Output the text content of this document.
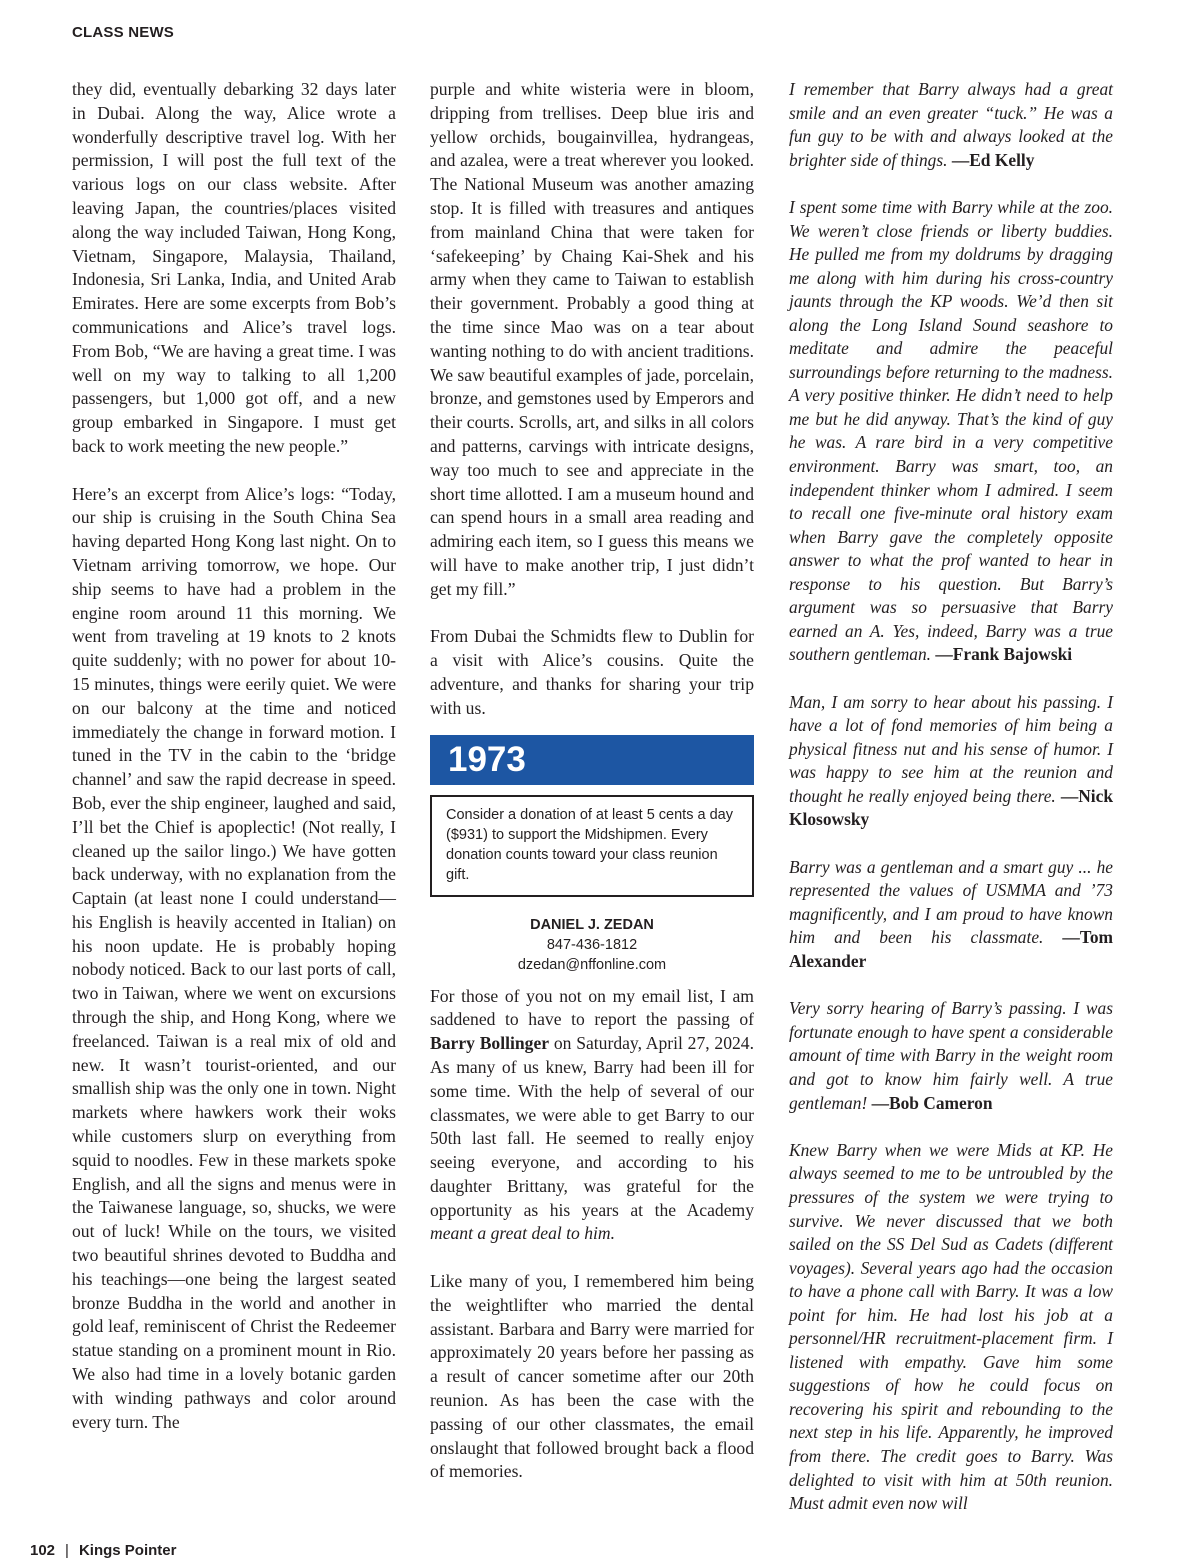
CLASS NEWS

they did, eventually debarking 32 days later in Dubai. Along the way, Alice wrote a wonderfully descriptive travel log. With her permission, I will post the full text of the various logs on our class website. After leaving Japan, the countries/places visited along the way included Taiwan, Hong Kong, Vietnam, Singapore, Malaysia, Thailand, Indonesia, Sri Lanka, India, and United Arab Emirates. Here are some excerpts from Bob’s communications and Alice’s travel logs. From Bob, “We are having a great time. I was well on my way to talking to all 1,200 passengers, but 1,000 got off, and a new group embarked in Singapore. I must get back to work meeting the new people.”

Here’s an excerpt from Alice’s logs: “Today, our ship is cruising in the South China Sea having departed Hong Kong last night. On to Vietnam arriving tomorrow, we hope. Our ship seems to have had a problem in the engine room around 11 this morning. We went from traveling at 19 knots to 2 knots quite suddenly; with no power for about 10-15 minutes, things were eerily quiet. We were on our balcony at the time and noticed immediately the change in forward motion. I tuned in the TV in the cabin to the ‘bridge channel’ and saw the rapid decrease in speed. Bob, ever the ship engineer, laughed and said, I’ll bet the Chief is apoplectic! (Not really, I cleaned up the sailor lingo.) We have gotten back underway, with no explanation from the Captain (at least none I could understand—his English is heavily accented in Italian) on his noon update. He is probably hoping nobody noticed. Back to our last ports of call, two in Taiwan, where we went on excursions through the ship, and Hong Kong, where we freelanced. Taiwan is a real mix of old and new. It wasn’t tourist-oriented, and our smallish ship was the only one in town. Night markets where hawkers work their woks while customers slurp on everything from squid to noodles. Few in these markets spoke English, and all the signs and menus were in the Taiwanese language, so, shucks, we were out of luck! While on the tours, we visited two beautiful shrines devoted to Buddha and his teachings—one being the largest seated bronze Buddha in the world and another in gold leaf, reminiscent of Christ the Redeemer statue standing on a prominent mount in Rio. We also had time in a lovely botanic garden with winding pathways and color around every turn. The

purple and white wisteria were in bloom, dripping from trellises. Deep blue iris and yellow orchids, bougainvillea, hydrangeas, and azalea, were a treat wherever you looked. The National Museum was another amazing stop. It is filled with treasures and antiques from mainland China that were taken for ‘safekeeping’ by Chaing Kai-Shek and his army when they came to Taiwan to establish their government. Probably a good thing at the time since Mao was on a tear about wanting nothing to do with ancient traditions. We saw beautiful examples of jade, porcelain, bronze, and gemstones used by Emperors and their courts. Scrolls, art, and silks in all colors and patterns, carvings with intricate designs, way too much to see and appreciate in the short time allotted. I am a museum hound and can spend hours in a small area reading and admiring each item, so I guess this means we will have to make another trip, I just didn’t get my fill.”

From Dubai the Schmidts flew to Dublin for a visit with Alice’s cousins. Quite the adventure, and thanks for sharing your trip with us.

1973
Consider a donation of at least 5 cents a day ($931) to support the Midshipmen. Every donation counts toward your class reunion gift.
DANIEL J. ZEDAN
847-436-1812
dzedan@nffonline.com

For those of you not on my email list, I am saddened to have to report the passing of Barry Bollinger on Saturday, April 27, 2024. As many of us knew, Barry had been ill for some time. With the help of several of our classmates, we were able to get Barry to our 50th last fall. He seemed to really enjoy seeing everyone, and according to his daughter Brittany, was grateful for the opportunity as his years at the Academy meant a great deal to him.

Like many of you, I remembered him being the weightlifter who married the dental assistant. Barbara and Barry were married for approximately 20 years before her passing as a result of cancer sometime after our 20th reunion. As has been the case with the passing of our other classmates, the email onslaught that followed brought back a flood of memories.

I remember that Barry always had a great smile and an even greater “tuck.” He was a fun guy to be with and always looked at the brighter side of things. —Ed Kelly

I spent some time with Barry while at the zoo. We weren’t close friends or liberty buddies. He pulled me from my doldrums by dragging me along with him during his cross-country jaunts through the KP woods. We’d then sit along the Long Island Sound seashore to meditate and admire the peaceful surroundings before returning to the madness. A very positive thinker. He didn’t need to help me but he did anyway. That’s the kind of guy he was. A rare bird in a very competitive environment. Barry was smart, too, an independent thinker whom I admired. I seem to recall one five-minute oral history exam when Barry gave the completely opposite answer to what the prof wanted to hear in response to his question. But Barry’s argument was so persuasive that Barry earned an A. Yes, indeed, Barry was a true southern gentleman. —Frank Bajowski

Man, I am sorry to hear about his passing. I have a lot of fond memories of him being a physical fitness nut and his sense of humor. I was happy to see him at the reunion and thought he really enjoyed being there. —Nick Klosowsky

Barry was a gentleman and a smart guy ... he represented the values of USMMA and ’73 magnificently, and I am proud to have known him and been his classmate. —Tom Alexander

Very sorry hearing of Barry’s passing. I was fortunate enough to have spent a considerable amount of time with Barry in the weight room and got to know him fairly well. A true gentleman! —Bob Cameron

Knew Barry when we were Mids at KP. He always seemed to me to be untroubled by the pressures of the system we were trying to survive. We never discussed that we both sailed on the SS Del Sud as Cadets (different voyages). Several years ago had the occasion to have a phone call with Barry. It was a low point for him. He had lost his job at a personnel/HR recruitment-placement firm. I listened with empathy. Gave him some suggestions of how he could focus on recovering his spirit and rebounding to the next step in his life. Apparently, he improved from there. The credit goes to Barry. Was delighted to visit with him at 50th reunion. Must admit even now will

102 | Kings Pointer
